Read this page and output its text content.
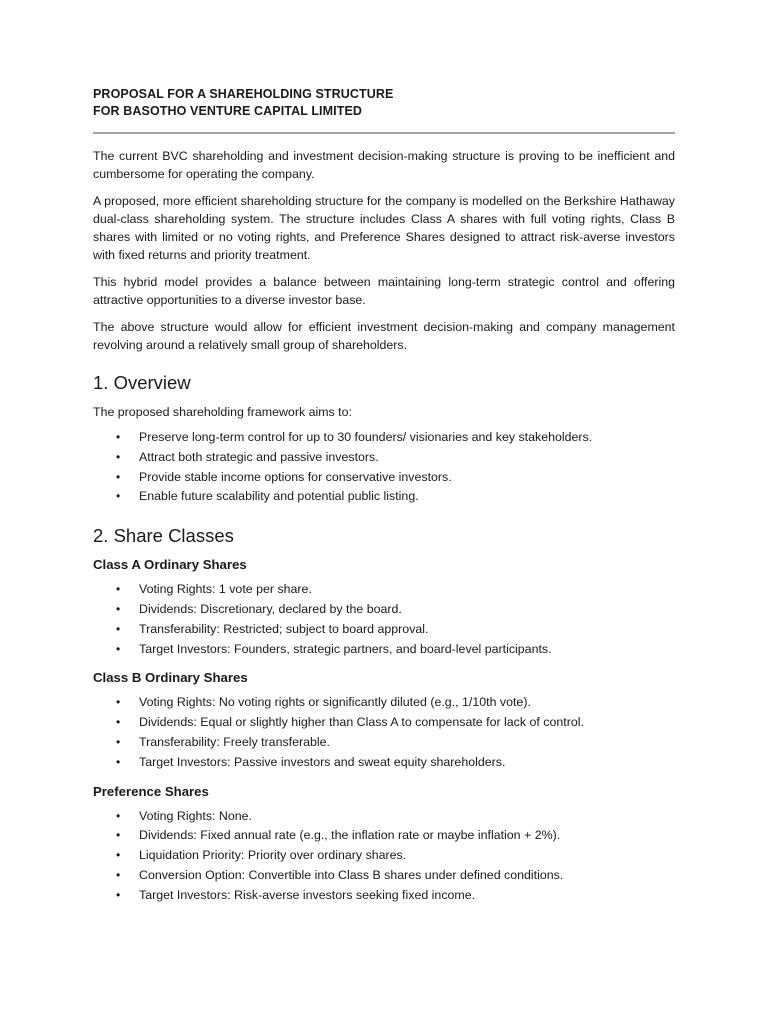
PROPOSAL FOR A SHAREHOLDING STRUCTURE
FOR BASOTHO VENTURE CAPITAL LIMITED

The current BVC shareholding and investment decision-making structure is proving to be inefficient and cumbersome for operating the company.

A proposed, more efficient shareholding structure for the company is modelled on the Berkshire Hathaway dual-class shareholding system. The structure includes Class A shares with full voting rights, Class B shares with limited or no voting rights, and Preference Shares designed to attract risk-averse investors with fixed returns and priority treatment.

This hybrid model provides a balance between maintaining long-term strategic control and offering attractive opportunities to a diverse investor base.

The above structure would allow for efficient investment decision-making and company management revolving around a relatively small group of shareholders.

1. Overview

The proposed shareholding framework aims to:

• Preserve long-term control for up to 30 founders/ visionaries and key stakeholders.
• Attract both strategic and passive investors.
• Provide stable income options for conservative investors.
• Enable future scalability and potential public listing.
2. Share Classes
Class A Ordinary Shares
• Voting Rights: 1 vote per share.
• Dividends: Discretionary, declared by the board.
• Transferability: Restricted; subject to board approval.
• Target Investors: Founders, strategic partners, and board-level participants.
Class B Ordinary Shares
• Voting Rights: No voting rights or significantly diluted (e.g., 1/10th vote).
• Dividends: Equal or slightly higher than Class A to compensate for lack of control.
• Transferability: Freely transferable.
• Target Investors: Passive investors and sweat equity shareholders.
Preference Shares
• Voting Rights: None.
• Dividends: Fixed annual rate (e.g., the inflation rate or maybe inflation + 2%).
• Liquidation Priority: Priority over ordinary shares.
• Conversion Option: Convertible into Class B shares under defined conditions.
• Target Investors: Risk-averse investors seeking fixed income.
